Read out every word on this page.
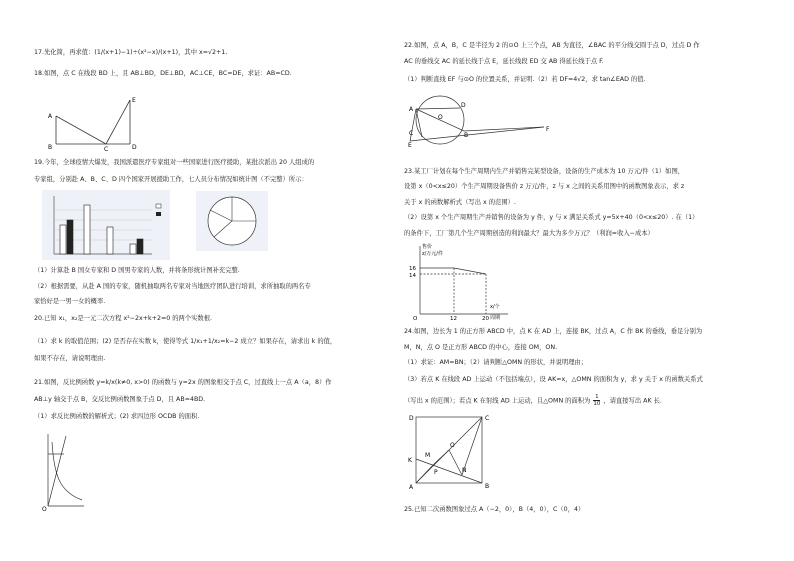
17.先化简，再求值：(1/(x+1)−1)÷(x²−x)/(x+1)，其中 x=√2+1.
18.如图，点 C 在线段 BD 上，且 AB⊥BD，DE⊥BD，AC⊥CE，BC=DE，求证：AB=CD.
A
B	C	D
E
19.今年，全球疫情大爆发，我国派遣医疗专家组对一些国家进行医疗援助，某批次派出 20 人组成的
专家组，分别赴 A、B、C、D 四个国家开展援助工作，七人员分布情况如统计图（不完整）所示：
（1）计算赴 B 国女专家和 D 国男专家的人数，并将条形统计图补充完整.
（2）根据需要，从赴 A 国的专家，随机抽取两名专家对当地医疗团队进行培训，求所抽取的两名专
家恰好是一男一女的概率.
20.已知 x₁，x₂是一元二次方程 x²−2x+k+2=0 的两个实数根.
（1）求 k 的取值范围；(2) 是否存在实数 k，使得等式 1/x₁+1/x₂=k−2 成立？如果存在，请求出 k 的值，
如果不存在，请说明理由.
21.如图，反比例函数 y=k/x(k≠0, x>0) 的函数与 y=2x 的图象相交于点 C，过直线上一点 A（a，8）作
AB⊥y 轴交于点 B，交反比例函数图象于点 D，且 AB=4BD.
（1）求反比例函数的解析式；(2) 求四边形 OCDB 的面积.
O
22.如图，点 A，B，C 是半径为 2 的⊙O 上三个点，AB 为直径，∠BAC 的平分线交圆于点 D，过点 D 作
AC 的垂线交 AC 的延长线于点 E，延长线段 ED 交 AB 得延长线于点 F.
（1）判断直线 EF 与⊙O 的位置关系，并证明.（2）若 DF=4√2，求 tan∠EAD 的值.
A
B
C
D
E
F
O
23.某工厂计划在每个生产周期内生产并销售完某型设备，设备的生产成本为 10 万元/件（1）如图，
设第 x（0<x≤20）个生产周期设备售价 z 万元/件，z 与 x 之间的关系用图中的函数图象表示，求 z
关于 x 的函数解析式（写出 x 的范围）.
（2）设第 x 个生产周期生产并销售的设备为 y 件，y 与 x 满足关系式 y=5x+40（0<x≤20）. 在（1）
的条件下，工厂第几个生产周期创造的利润最大？最大为多少万元？（利润=收入−成本）
售价
z/万元/件
16
14
12	20
O
x/个
周期
24.如图，边长为 1 的正方形 ABCD 中，点 K 在 AD 上，连接 BK，过点 A，C 作 BK 的垂线，垂足分别为
M，N，点 O 是正方形 ABCD 的中心，连接 OM，ON.
（1）求证：AM=BN；（2）请判断△OMN 的形状，并说明理由；
（3）若点 K 在线段 AD 上运动（不包括端点），设 AK=x，△OMN 的面积为 y，求 y 关于 x 的函数关系式
（写出 x 的范围）；若点 K 在射线 AD 上运动，且△OMN 的面积为 $\frac{1}{10}$ ，请直接写出 AK 长.
D	C
A	B
K
M
N
O
P
25.已知二次函数图象过点 A（−2，0），B（4，0），C（0，4）
